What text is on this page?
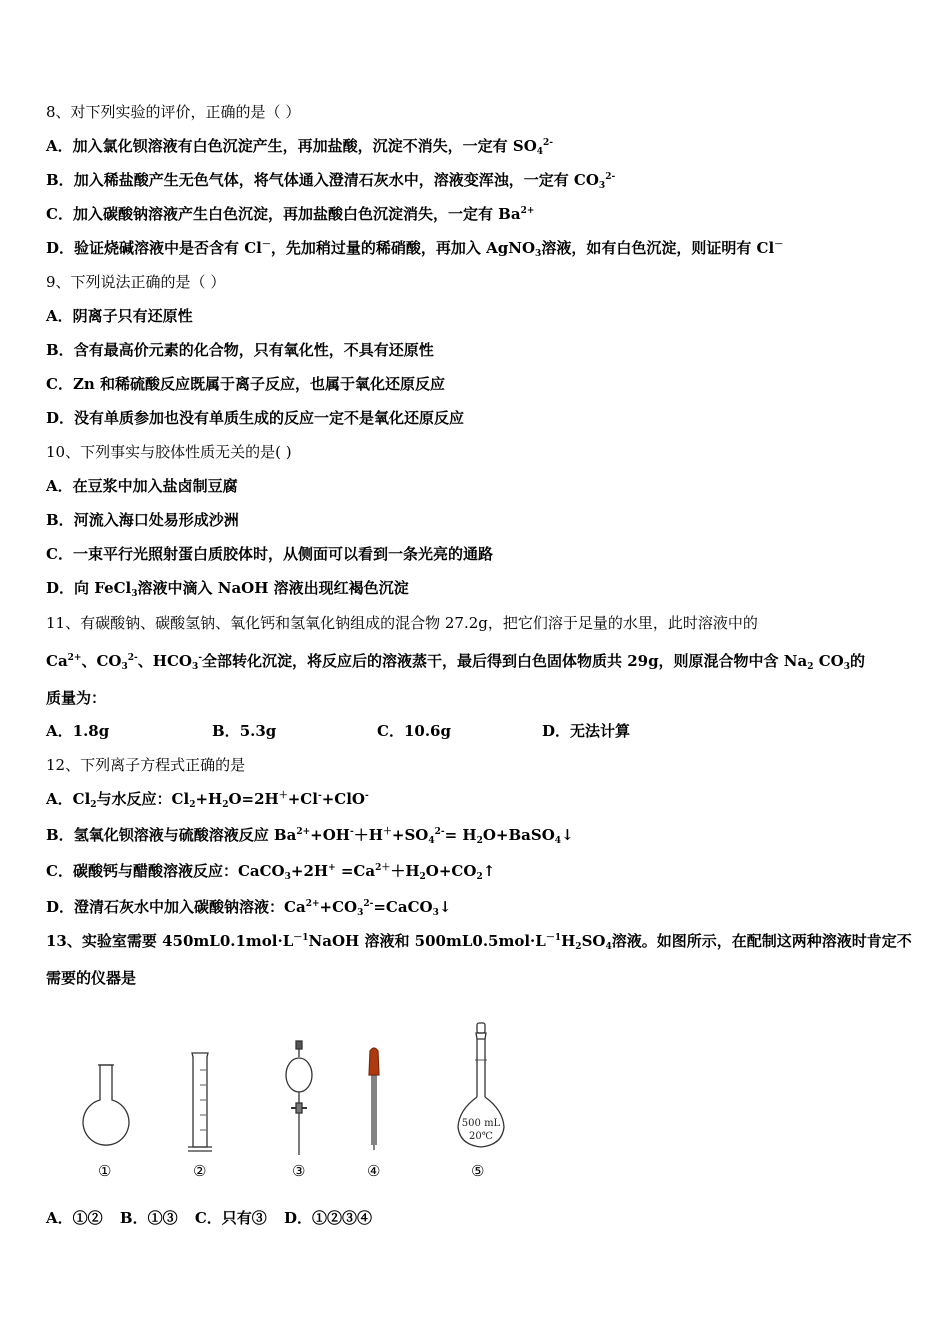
8、对下列实验的评价，正确的是（ ）
A．加入氯化钡溶液有白色沉淀产生，再加盐酸，沉淀不消失，一定有 $SO_4^{2-}$
B．加入稀盐酸产生无色气体，将气体通入澄清石灰水中，溶液变浑浊，一定有 $CO_3^{2-}$
C．加入碳酸钠溶液产生白色沉淀，再加盐酸白色沉淀消失，一定有 $Ba^{2+}$
D．验证烧碱溶液中是否含有 Cl－，先加稍过量的稀硝酸，再加入 AgNO$_3$溶液，如有白色沉淀，则证明有 Cl－
9、下列说法正确的是（ ）
A．阴离子只有还原性
B．含有最高价元素的化合物，只有氧化性，不具有还原性
C．Zn 和稀硫酸反应既属于离子反应，也属于氧化还原反应
D．没有单质参加也没有单质生成的反应一定不是氧化还原反应
10、下列事实与胶体性质无关的是( )
A．在豆浆中加入盐卤制豆腐
B．河流入海口处易形成沙洲
C．一束平行光照射蛋白质胶体时，从侧面可以看到一条光亮的通路
D．向 FeCl$_3$溶液中滴入 NaOH 溶液出现红褐色沉淀
11、有碳酸钠、碳酸氢钠、氧化钙和氢氧化钠组成的混合物 27.2g，把它们溶于足量的水里，此时溶液中的
$Ca^{2+}$、$CO_3^{2-}$、$HCO_3^-$全部转化沉淀，将反应后的溶液蒸干，最后得到白色固体物质共 29g，则原混合物中含 $Na_2$ $CO_3$的
质量为：
A．1.8g	B．5.3g	C．10.6g	D．无法计算
12、下列离子方程式正确的是
A．$Cl_2$与水反应：$Cl_2+H_2O=2H^++Cl^-+ClO^-$
B．氢氧化钡溶液与硫酸溶液反应 $Ba^{2+}+OH^-+H^++SO_4^{2-}=$ $H_2O+BaSO_4↓$
C．碳酸钙与醋酸溶液反应：CaCO$_3$+2H+ $=Ca^{2+}+H_2O+CO_2↑$
D．澄清石灰水中加入碳酸钠溶液：$Ca^{2+}+CO_3^{2-}=CaCO_3↓$
13、实验室需要 $450mL0.1mol\cdot L^{-1}NaOH$ 溶液和 $500mL0.5mol\cdot L^{-1}H_2SO_4$溶液。如图所示，在配制这两种溶液时肯定不
需要的仪器是
500 mL
20℃
①	②	③	④	⑤
A．①② B．①③ C．只有③ D．①②③④
